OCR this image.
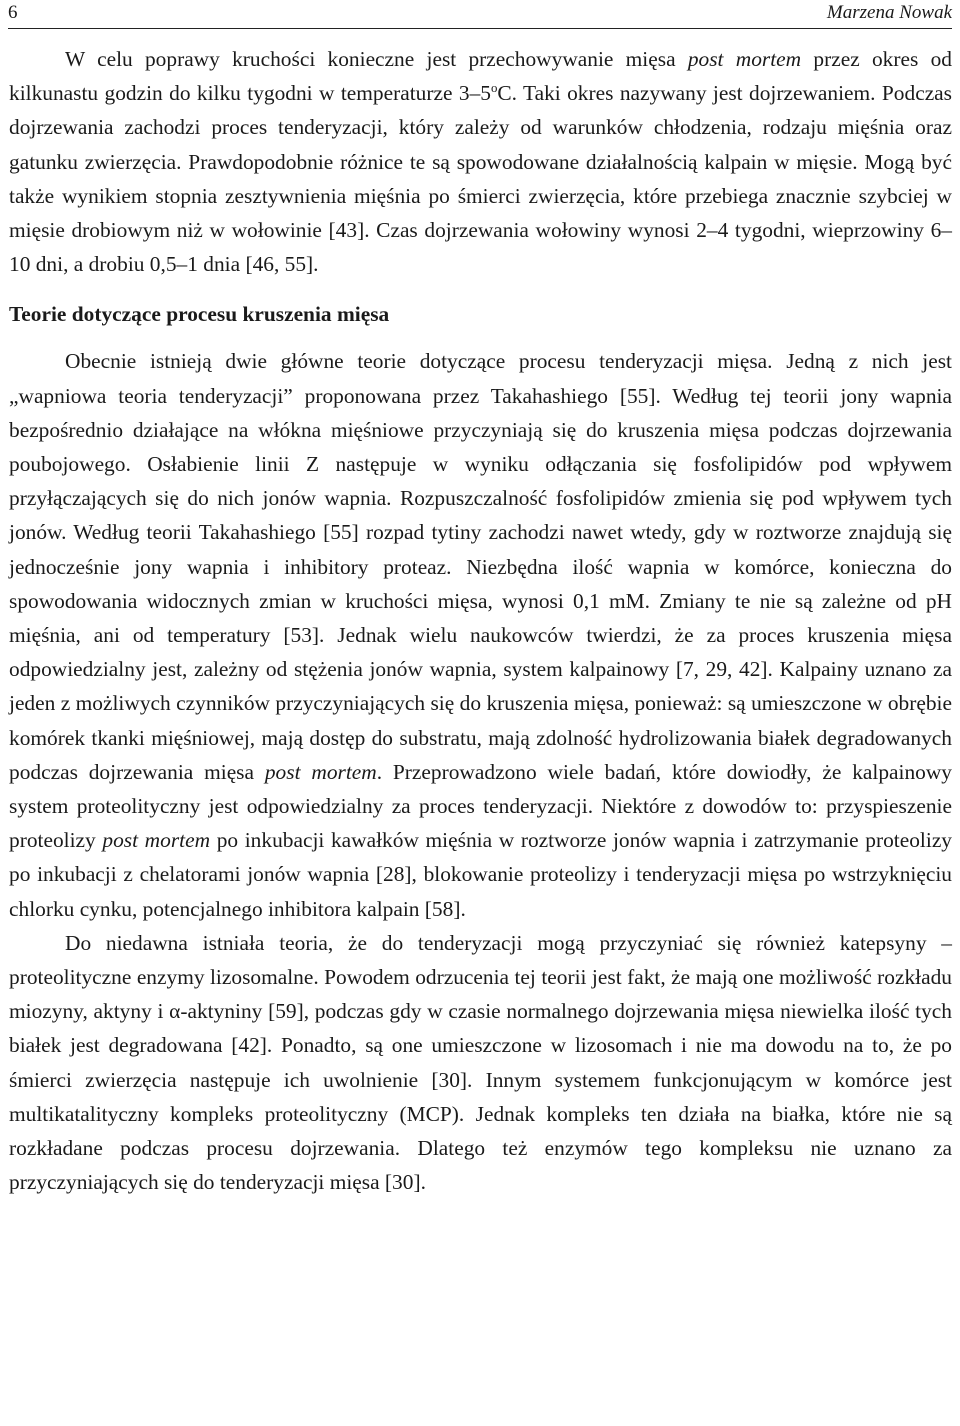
6	Marzena Nowak

W celu poprawy kruchości konieczne jest przechowywanie mięsa post mortem przez okres od kilkunastu godzin do kilku tygodni w temperaturze 3–5$^o$C. Taki okres nazywany jest dojrzewaniem. Podczas dojrzewania zachodzi proces tenderyzacji, który zależy od warunków chłodzenia, rodzaju mięśnia oraz gatunku zwierzęcia. Prawdopodobnie różnice te są spowodowane działalnością kalpain w mięsie. Mogą być także wynikiem stopnia zesztywnienia mięśnia po śmierci zwierzęcia, które przebiega znacznie szybciej w mięsie drobiowym niż w wołowinie [43]. Czas dojrzewania wołowiny wynosi 2–4 tygodni, wieprzowiny 6–10 dni, a drobiu 0,5–1 dnia [46, 55].

Teorie dotyczące procesu kruszenia mięsa

Obecnie istnieją dwie główne teorie dotyczące procesu tenderyzacji mięsa. Jedną z nich jest „wapniowa teoria tenderyzacji” proponowana przez Takahashiego [55]. Według tej teorii jony wapnia bezpośrednio działające na włókna mięśniowe przyczyniają się do kruszenia mięsa podczas dojrzewania poubojowego. Osłabienie linii Z następuje w wyniku odłączania się fosfolipidów pod wpływem przyłączających się do nich jonów wapnia. Rozpuszczalność fosfolipidów zmienia się pod wpływem tych jonów. Według teorii Takahashiego [55] rozpad tytiny zachodzi nawet wtedy, gdy w roztworze znajdują się jednocześnie jony wapnia i inhibitory proteaz. Niezbędna ilość wapnia w komórce, konieczna do spowodowania widocznych zmian w kruchości mięsa, wynosi 0,1 mM. Zmiany te nie są zależne od pH mięśnia, ani od temperatury [53]. Jednak wielu naukowców twierdzi, że za proces kruszenia mięsa odpowiedzialny jest, zależny od stężenia jonów wapnia, system kalpainowy [7, 29, 42]. Kalpainy uznano za jeden z możliwych czynników przyczyniających się do kruszenia mięsa, ponieważ: są umieszczone w obrębie komórek tkanki mięśniowej, mają dostęp do substratu, mają zdolność hydrolizowania białek degradowanych podczas dojrzewania mięsa post mortem. Przeprowadzono wiele badań, które dowiodły, że kalpainowy system proteolityczny jest odpowiedzialny za proces tenderyzacji. Niektóre z dowodów to: przyspieszenie proteolizy post mortem po inkubacji kawałków mięśnia w roztworze jonów wapnia i zatrzymanie proteolizy po inkubacji z chelatorami jonów wapnia [28], blokowanie proteolizy i tenderyzacji mięsa po wstrzyknięciu chlorku cynku, potencjalnego inhibitora kalpain [58].

Do niedawna istniała teoria, że do tenderyzacji mogą przyczyniać się również katepsyny – proteolityczne enzymy lizosomalne. Powodem odrzucenia tej teorii jest fakt, że mają one możliwość rozkładu miozyny, aktyny i α-aktyniny [59], podczas gdy w czasie normalnego dojrzewania mięsa niewielka ilość tych białek jest degradowana [42]. Ponadto, są one umieszczone w lizosomach i nie ma dowodu na to, że po śmierci zwierzęcia następuje ich uwolnienie [30]. Innym systemem funkcjonującym w komórce jest multikatalityczny kompleks proteolityczny (MCP). Jednak kompleks ten działa na białka, które nie są rozkładane podczas procesu dojrzewania. Dlatego też enzymów tego kompleksu nie uznano za przyczyniających się do tenderyzacji mięsa [30].
